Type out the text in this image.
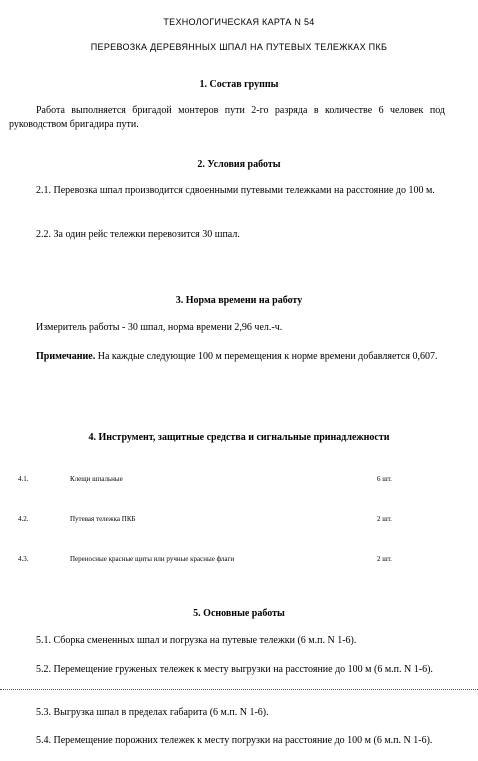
ТЕХНОЛОГИЧЕСКАЯ КАРТА N 54
ПЕРЕВОЗКА ДЕРЕВЯННЫХ ШПАЛ НА ПУТЕВЫХ ТЕЛЕЖКАХ ПКБ
1. Состав группы
Работа выполняется бригадой монтеров пути 2-го разряда в количестве 6 человек под руководством бригадира пути.
2. Условия работы
2.1. Перевозка шпал производится сдвоенными путевыми тележками на расстояние до 100 м.
2.2. За один рейс тележки перевозится 30 шпал.
3. Норма времени на работу
Измеритель работы - 30 шпал, норма времени 2,96 чел.-ч.
Примечание. На каждые следующие 100 м перемещения к норме времени добавляется 0,607.
4. Инструмент, защитные средства и сигнальные принадлежности
4.1.	Клещи шпальные	6 шт.
4.2.	Путевая тележка ПКБ	2 шт.
4.3.	Переносные красные щиты или ручные красные флаги	2 шт.
5. Основные работы
5.1. Сборка смененных шпал и погрузка на путевые тележки (6 м.п. N 1-6).
5.2. Перемещение груженых тележек к месту выгрузки на расстояние до 100 м (6 м.п. N 1-6).
5.3. Выгрузка шпал в пределах габарита (6 м.п. N 1-6).
5.4. Перемещение порожних тележек к месту погрузки на расстояние до 100 м (6 м.п. N 1-6).
